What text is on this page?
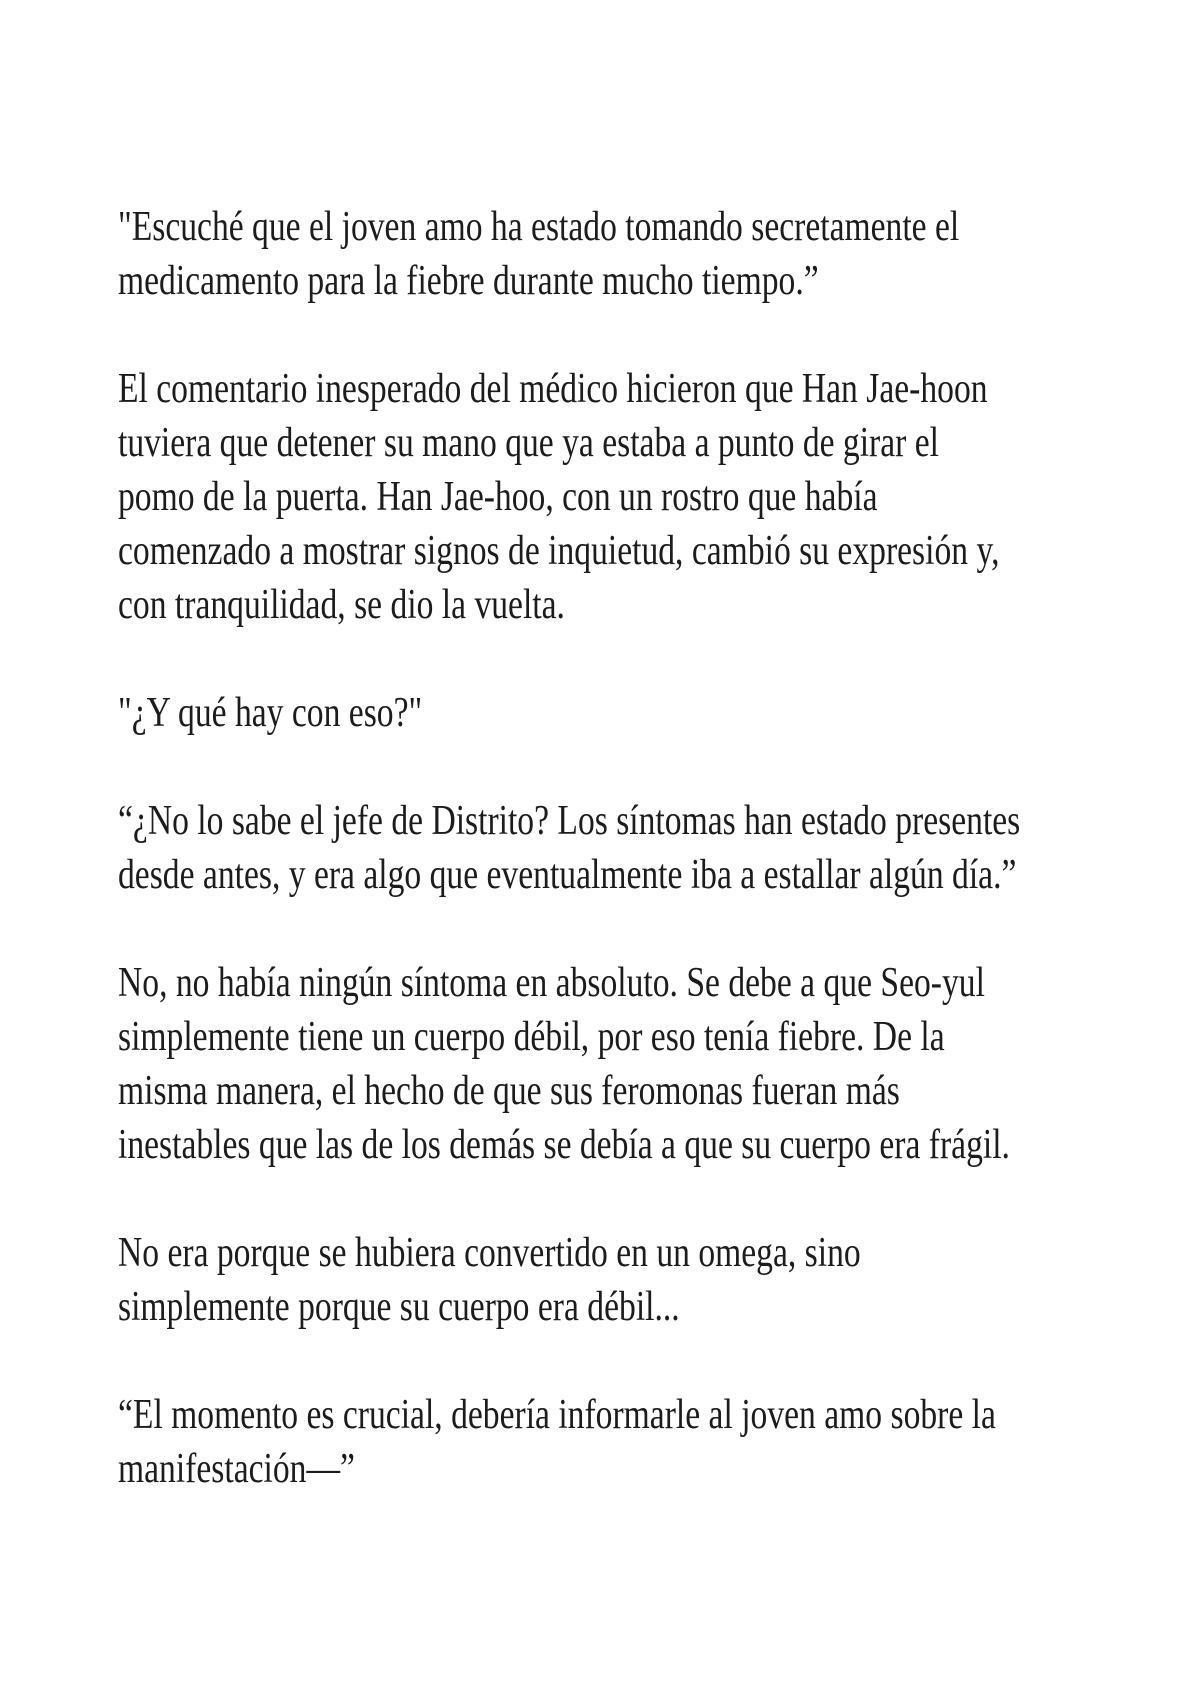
"Escuché que el joven amo ha estado tomando secretamente el
medicamento para la fiebre durante mucho tiempo.”

El comentario inesperado del médico hicieron que Han Jae-hoon
tuviera que detener su mano que ya estaba a punto de girar el
pomo de la puerta. Han Jae-hoo, con un rostro que había
comenzado a mostrar signos de inquietud, cambió su expresión y,
con tranquilidad, se dio la vuelta.

"¿Y qué hay con eso?"

“¿No lo sabe el jefe de Distrito? Los síntomas han estado presentes
desde antes, y era algo que eventualmente iba a estallar algún día.”

No, no había ningún síntoma en absoluto. Se debe a que Seo-yul
simplemente tiene un cuerpo débil, por eso tenía fiebre. De la
misma manera, el hecho de que sus feromonas fueran más
inestables que las de los demás se debía a que su cuerpo era frágil.

No era porque se hubiera convertido en un omega, sino
simplemente porque su cuerpo era débil...

“El momento es crucial, debería informarle al joven amo sobre la
manifestación—”
